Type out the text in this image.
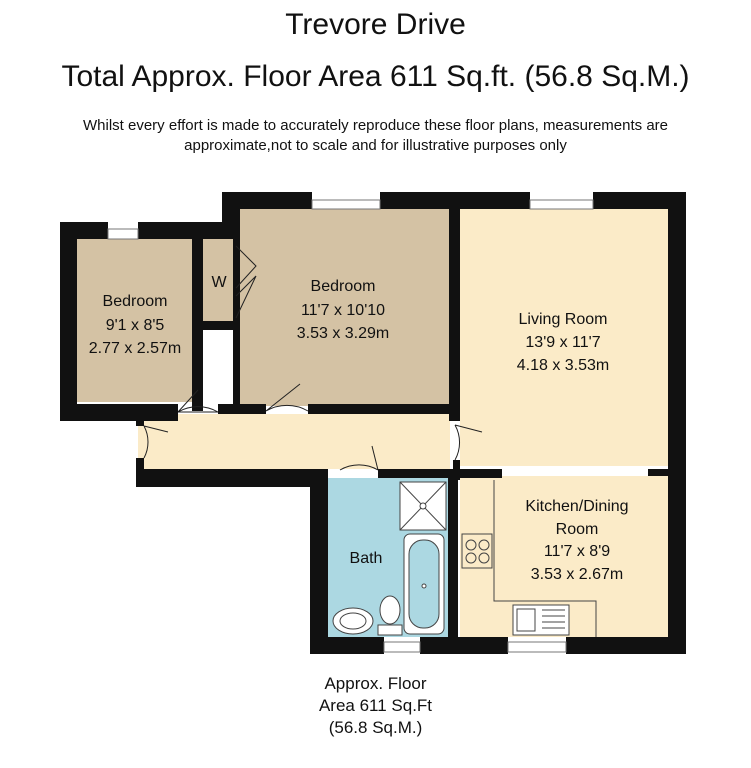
Trevore Drive
Total Approx. Floor Area 611 Sq.ft. (56.8 Sq.M.)
Whilst every effort is made to accurately reproduce these floor plans, measurements are
approximate,not to scale and for illustrative purposes only
Bedroom
9'1 x 8'5
2.77 x 2.57m
W	Bedroom
11'7 x 10'10
3.53 x 3.29m
Living Room
13'9 x 11'7
4.18 x 3.53m
Kitchen/Dining
Room
11'7 x 8'9
3.53 x 2.67m
Bath
Approx. Floor
Area 611 Sq.Ft
(56.8 Sq.M.)
